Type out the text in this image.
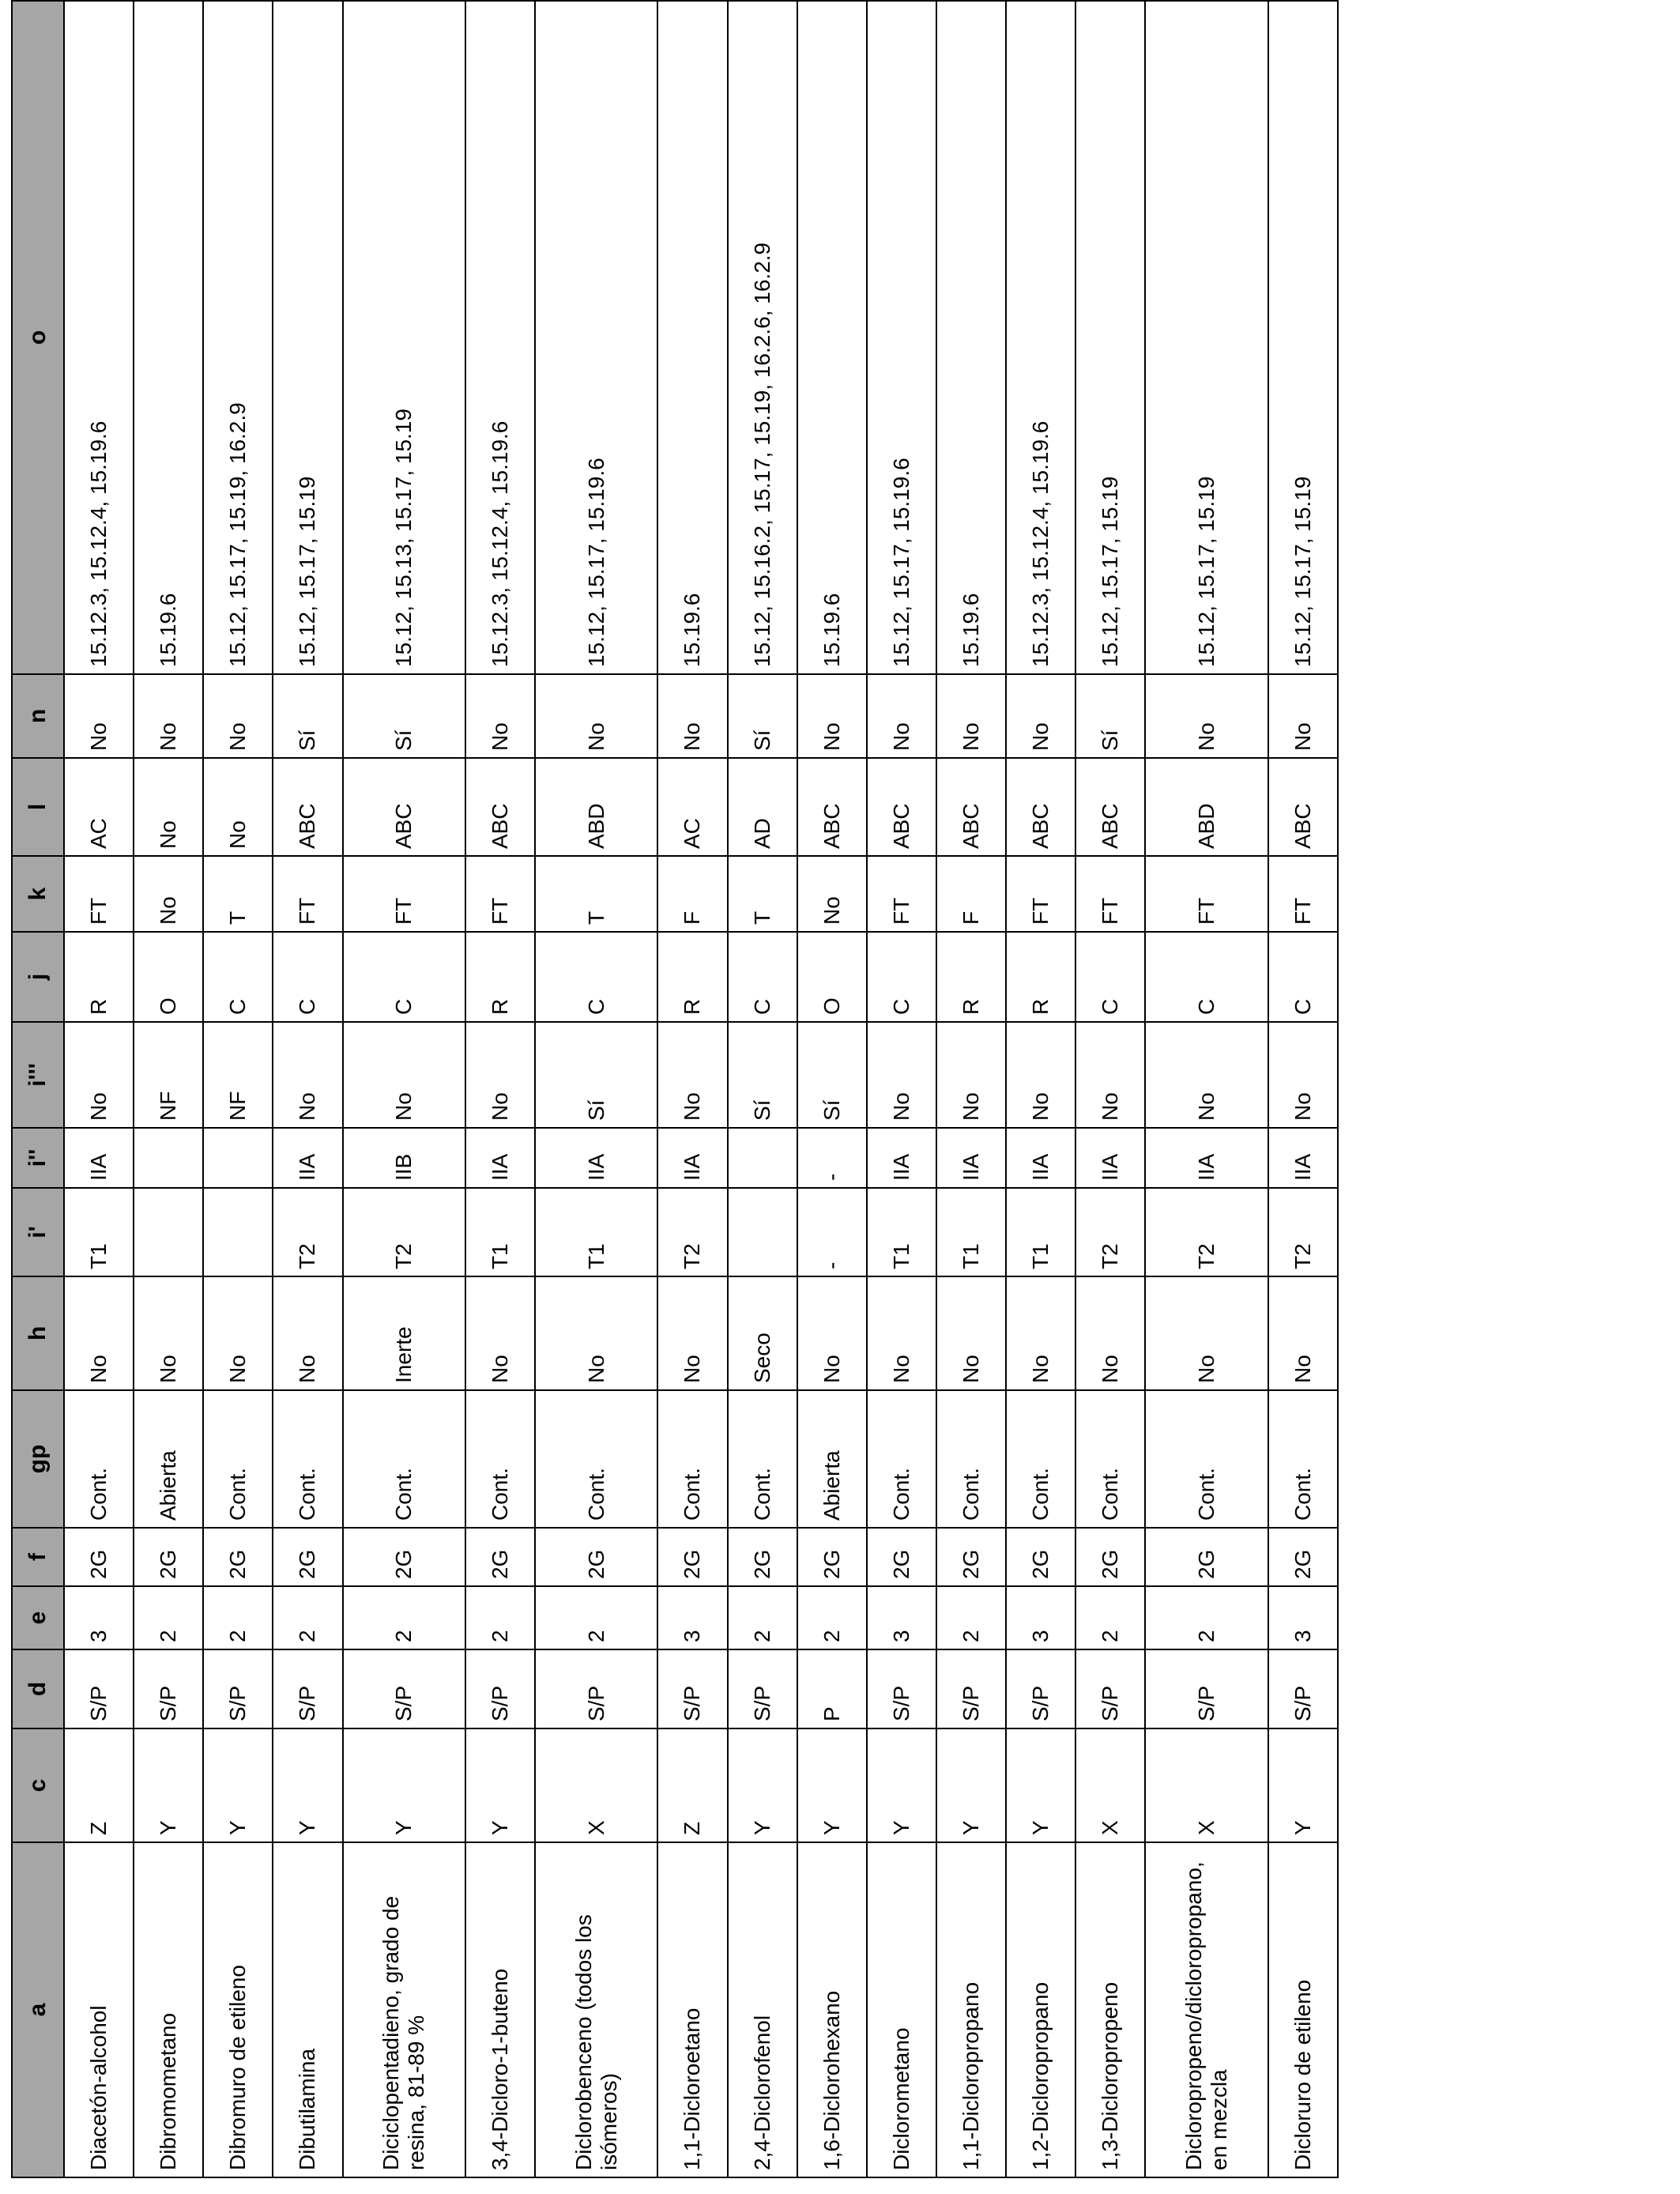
a	c	d	e	f	gp	h	i'	i''	i'''	j	k	l	n	o
Diacetón-alcohol	Z	S/P	3	2G	Cont.	No	T1	IIA	No	R	FT	AC	No	15.12.3, 15.12.4, 15.19.6
Dibromometano	Y	S/P	2	2G	Abierta	No			NF	O	No	No	No	15.19.6
Dibromuro de etileno	Y	S/P	2	2G	Cont.	No			NF	C	T	No	No	15.12, 15.17, 15.19, 16.2.9
Dibutilamina	Y	S/P	2	2G	Cont.	No	T2	IIA	No	C	FT	ABC	Sí	15.12, 15.17, 15.19
Diciclopentadieno, grado de resina, 81-89 %	Y	S/P	2	2G	Cont.	Inerte	T2	IIB	No	C	FT	ABC	Sí	15.12, 15.13, 15.17, 15.19
3,4-Dicloro-1-buteno	Y	S/P	2	2G	Cont.	No	T1	IIA	No	R	FT	ABC	No	15.12.3, 15.12.4, 15.19.6
Diclorobenceno (todos los isómeros)	X	S/P	2	2G	Cont.	No	T1	IIA	Sí	C	T	ABD	No	15.12, 15.17, 15.19.6
1,1-Dicloroetano	Z	S/P	3	2G	Cont.	No	T2	IIA	No	R	F	AC	No	15.19.6
2,4-Diclorofenol	Y	S/P	2	2G	Cont.	Seco			Sí	C	T	AD	Sí	15.12, 15.16.2, 15.17, 15.19, 16.2.6, 16.2.9
1,6-Diclorohexano	Y	P	2	2G	Abierta	No	-	-	Sí	O	No	ABC	No	15.19.6
Diclorometano	Y	S/P	3	2G	Cont.	No	T1	IIA	No	C	FT	ABC	No	15.12, 15.17, 15.19.6
1,1-Dicloropropano	Y	S/P	2	2G	Cont.	No	T1	IIA	No	R	F	ABC	No	15.19.6
1,2-Dicloropropano	Y	S/P	3	2G	Cont.	No	T1	IIA	No	R	FT	ABC	No	15.12.3, 15.12.4, 15.19.6
1,3-Dicloropropeno	X	S/P	2	2G	Cont.	No	T2	IIA	No	C	FT	ABC	Sí	15.12, 15.17, 15.19
Dicloropropeno/dicloropropano, en mezcla	X	S/P	2	2G	Cont.	No	T2	IIA	No	C	FT	ABD	No	15.12, 15.17, 15.19
Dicloruro de etileno	Y	S/P	3	2G	Cont.	No	T2	IIA	No	C	FT	ABC	No	15.12, 15.17, 15.19
